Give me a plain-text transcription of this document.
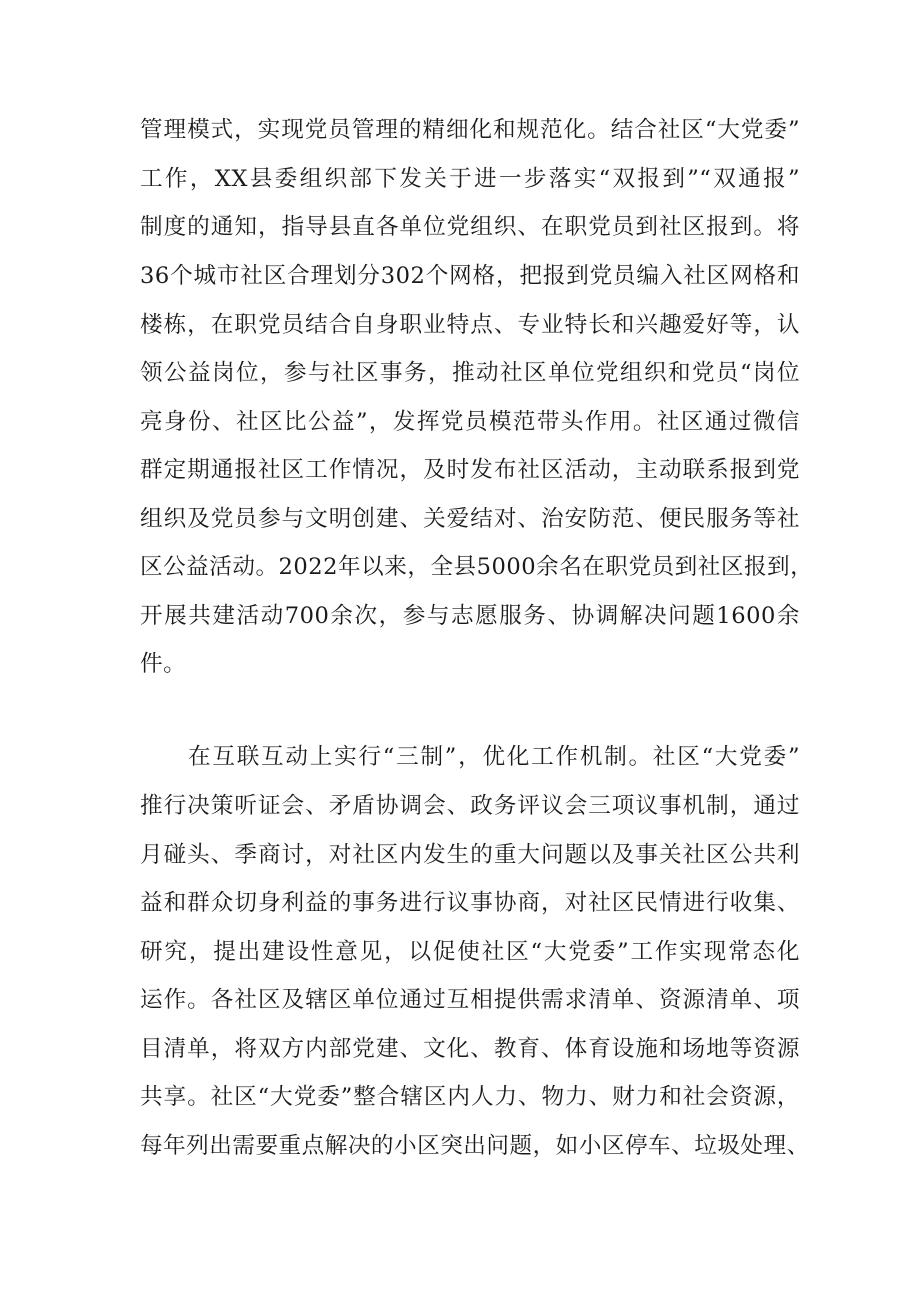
管理模式，实现党员管理的精细化和规范化。结合社区“大党委”
工作，XX县委组织部下发关于进一步落实“双报到”“双通报”
制度的通知，指导县直各单位党组织、在职党员到社区报到。将
36个城市社区合理划分302个网格，把报到党员编入社区网格和
楼栋，在职党员结合自身职业特点、专业特长和兴趣爱好等，认
领公益岗位，参与社区事务，推动社区单位党组织和党员“岗位
亮身份、社区比公益”，发挥党员模范带头作用。社区通过微信
群定期通报社区工作情况，及时发布社区活动，主动联系报到党
组织及党员参与文明创建、关爱结对、治安防范、便民服务等社
区公益活动。2022年以来，全县5000余名在职党员到社区报到，
开展共建活动700余次，参与志愿服务、协调解决问题1600余
件。
在互联互动上实行“三制”，优化工作机制。社区“大党委”
推行决策听证会、矛盾协调会、政务评议会三项议事机制，通过
月碰头、季商讨，对社区内发生的重大问题以及事关社区公共利
益和群众切身利益的事务进行议事协商，对社区民情进行收集、
研究，提出建设性意见，以促使社区“大党委”工作实现常态化
运作。各社区及辖区单位通过互相提供需求清单、资源清单、项
目清单，将双方内部党建、文化、教育、体育设施和场地等资源
共享。社区“大党委”整合辖区内人力、物力、财力和社会资源，
每年列出需要重点解决的小区突出问题，如小区停车、垃圾处理、
